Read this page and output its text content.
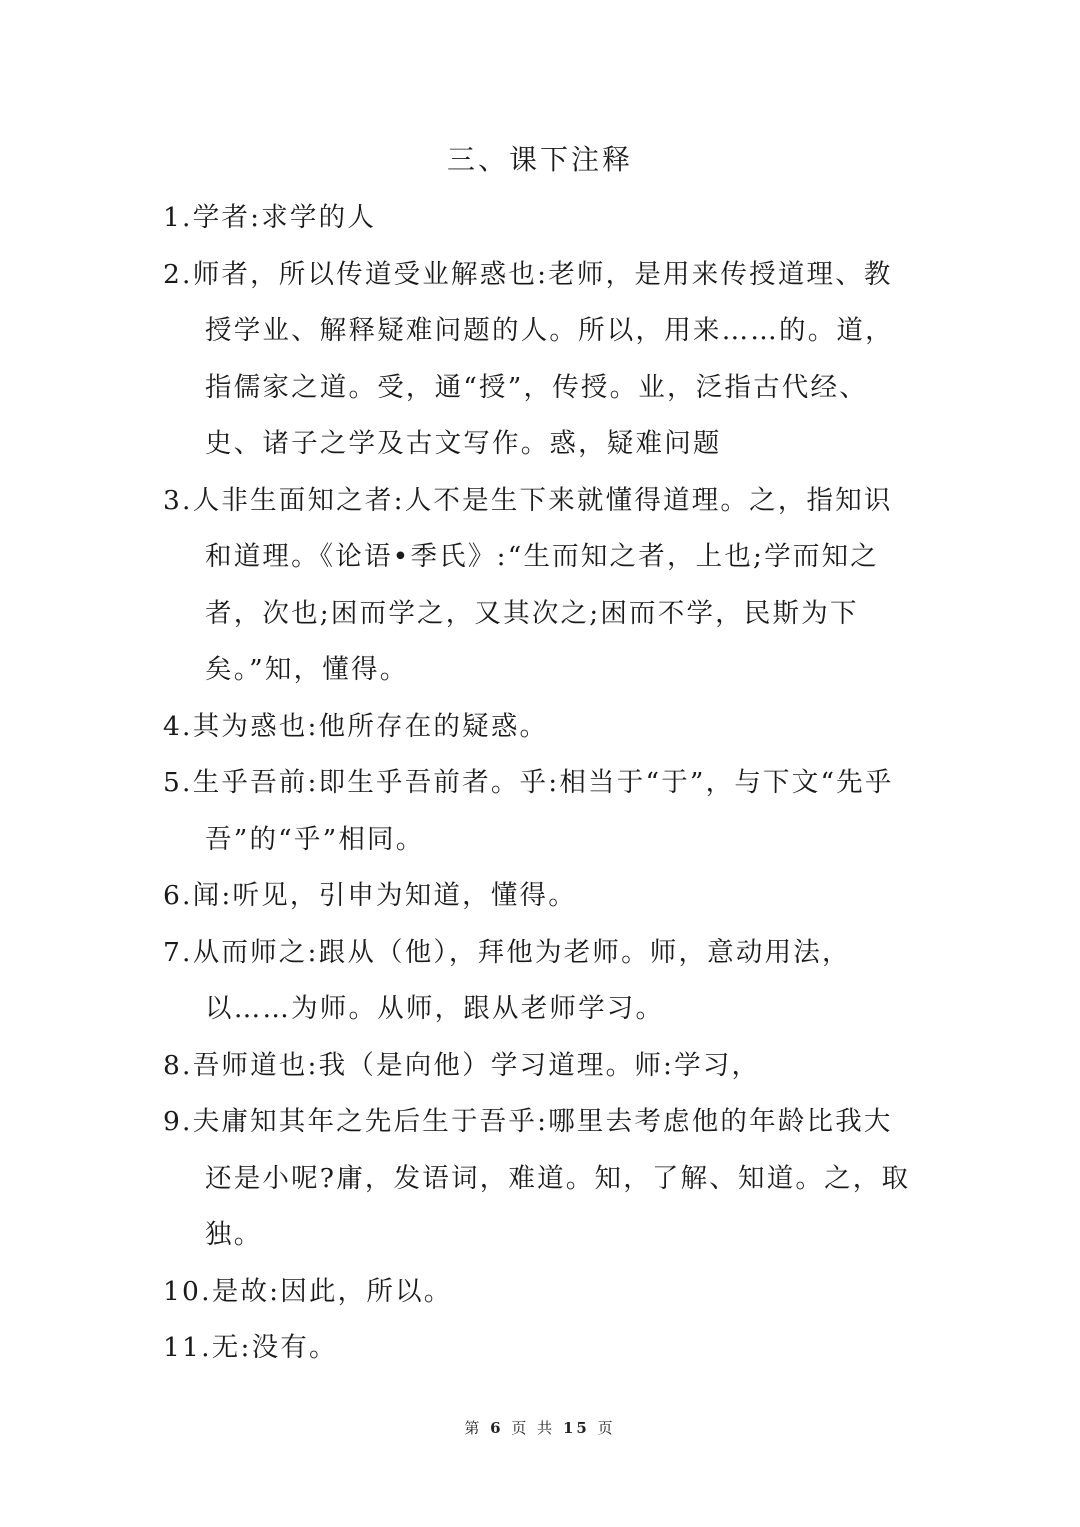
三、课下注释
1.学者:求学的人
2.师者，所以传道受业解惑也:老师，是用来传授道理、教授学业、解释疑难问题的人。所以，用来……的。道，指儒家之道。受，通“授”，传授。业，泛指古代经、史、诸子之学及古文写作。惑，疑难问题
3.人非生面知之者:人不是生下来就懂得道理。之，指知识和道理。《论语•季氏》:“生而知之者，上也;学而知之者，次也;困而学之，又其次之;困而不学，民斯为下矣。”知，懂得。
4.其为惑也:他所存在的疑惑。
5.生乎吾前:即生乎吾前者。乎:相当于“于”，与下文“先乎吾”的“乎”相同。
6.闻:听见，引申为知道，懂得。
7.从而师之:跟从（他），拜他为老师。师，意动用法，以……为师。从师，跟从老师学习。
8.吾师道也:我（是向他）学习道理。师:学习，
9.夫庸知其年之先后生于吾乎:哪里去考虑他的年龄比我大还是小呢?庸，发语词，难道。知，了解、知道。之，取独。
10.是故:因此，所以。
11.无:没有。
第 6 页 共 15 页
